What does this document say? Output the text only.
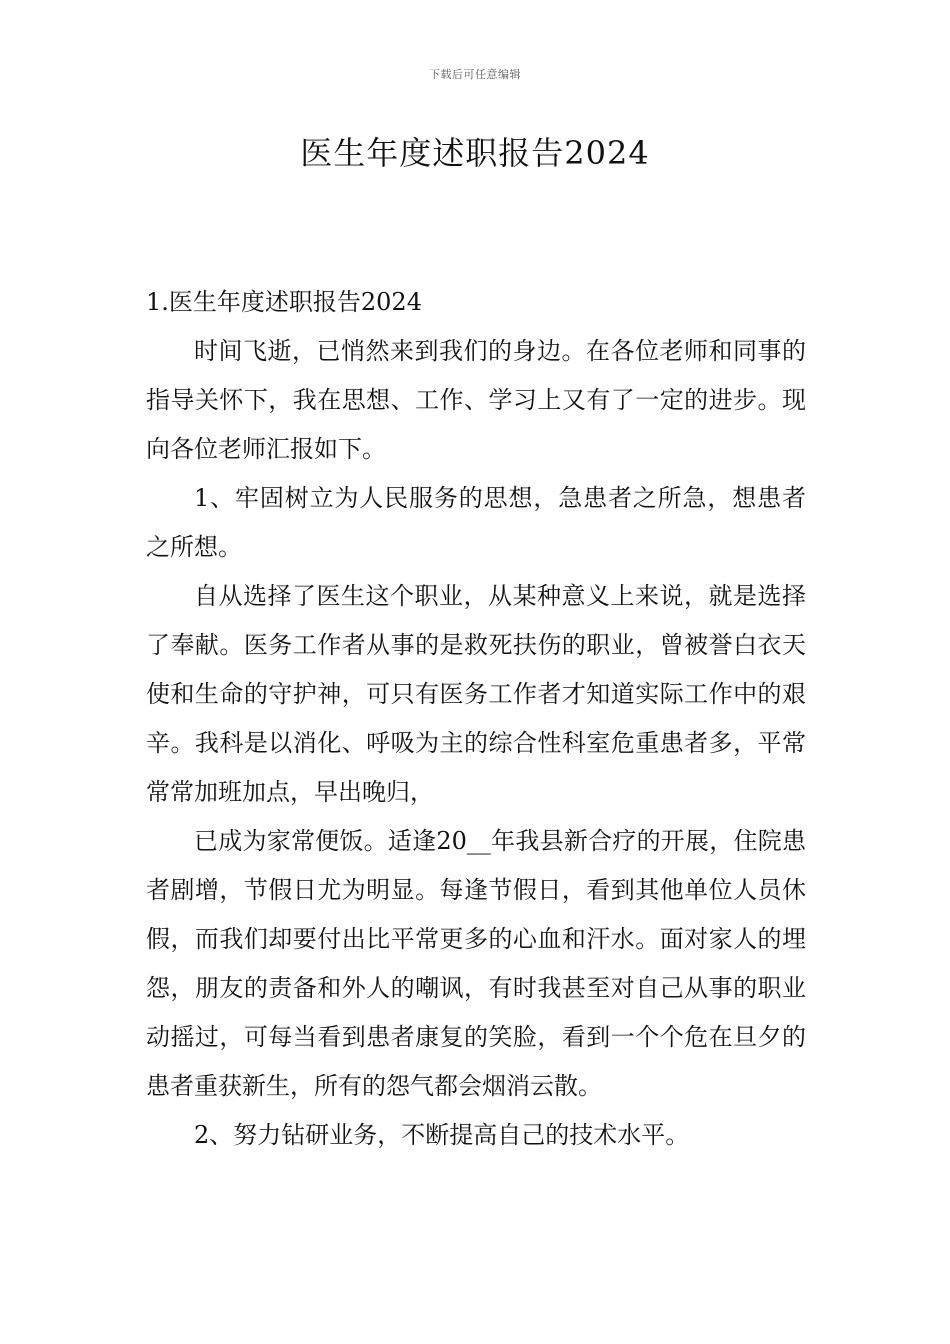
下载后可任意编辑
医生年度述职报告2024

1.医生年度述职报告2024

时间飞逝，已悄然来到我们的身边。在各位老师和同事的指导关怀下，我在思想、工作、学习上又有了一定的进步。现向各位老师汇报如下。

1、牢固树立为人民服务的思想，急患者之所急，想患者之所想。

自从选择了医生这个职业，从某种意义上来说，就是选择了奉献。医务工作者从事的是救死扶伤的职业，曾被誉白衣天使和生命的守护神，可只有医务工作者才知道实际工作中的艰辛。我科是以消化、呼吸为主的综合性科室危重患者多，平常常常加班加点，早出晚归，

已成为家常便饭。适逢20__年我县新合疗的开展，住院患者剧增，节假日尤为明显。每逢节假日，看到其他单位人员休假，而我们却要付出比平常更多的心血和汗水。面对家人的埋怨，朋友的责备和外人的嘲讽，有时我甚至对自己从事的职业动摇过，可每当看到患者康复的笑脸，看到一个个危在旦夕的患者重获新生，所有的怨气都会烟消云散。

2、努力钻研业务，不断提高自己的技术水平。
